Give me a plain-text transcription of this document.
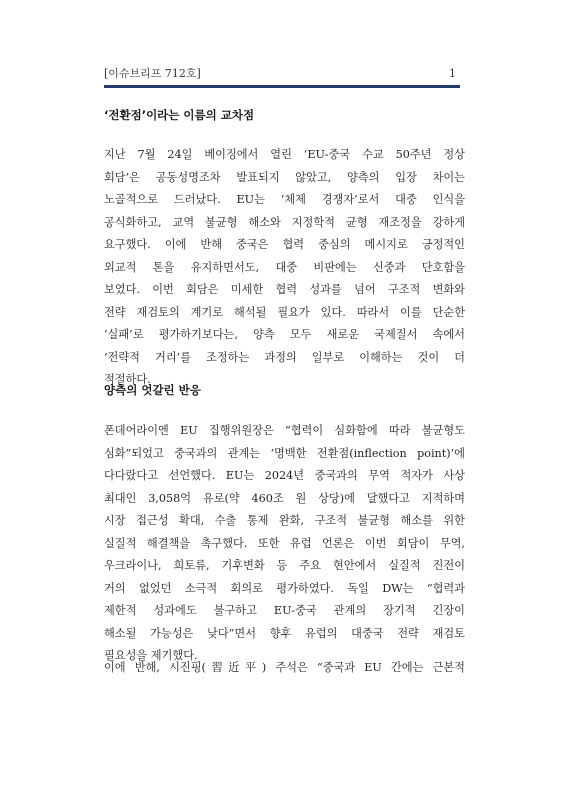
[이슈브리프 712호]	1
‘전환점’이라는 이름의 교차점
지난 7월 24일 베이징에서 열린 ‘EU-중국 수교 50주년 정상
회담’은 공동성명조차 발표되지 않았고, 양측의 입장 차이는
노골적으로 드러났다. EU는 ‘체제 경쟁자’로서 대중 인식을
공식화하고, 교역 불균형 해소와 지정학적 균형 재조정을 강하게
요구했다. 이에 반해 중국은 협력 중심의 메시지로 긍정적인
외교적 톤을 유지하면서도, 대중 비판에는 신중과 단호함을
보였다. 이번 회담은 미세한 협력 성과를 넘어 구조적 변화와
전략 재검토의 계기로 해석될 필요가 있다. 따라서 이를 단순한
‘실패’로 평가하기보다는, 양측 모두 새로운 국제질서 속에서
‘전략적 거리’를 조정하는 과정의 일부로 이해하는 것이 더
적절하다.
양측의 엇갈린 반응
폰데어라이엔 EU 집행위원장은 “협력이 심화함에 따라 불균형도
심화”되었고 중국과의 관계는 ‘명백한 전환점(inflection point)’에
다다랐다고 선언했다. EU는 2024년 중국과의 무역 적자가 사상
최대인 3,058억 유로(약 460조 원 상당)에 달했다고 지적하며
시장 접근성 확대, 수출 통제 완화, 구조적 불균형 해소를 위한
실질적 해결책을 촉구했다. 또한 유럽 언론은 이번 회담이 무역,
우크라이나, 희토류, 기후변화 등 주요 현안에서 실질적 진전이
거의 없었던 소극적 회의로 평가하였다. 독일 DW는 “협력과
제한적 성과에도 불구하고 EU-중국 관계의 장기적 긴장이
해소될 가능성은 낮다”면서 향후 유럽의 대중국 전략 재검토
필요성을 제기했다.
이에 반해, 시진핑(習近平) 주석은 “중국과 EU 간에는 근본적
